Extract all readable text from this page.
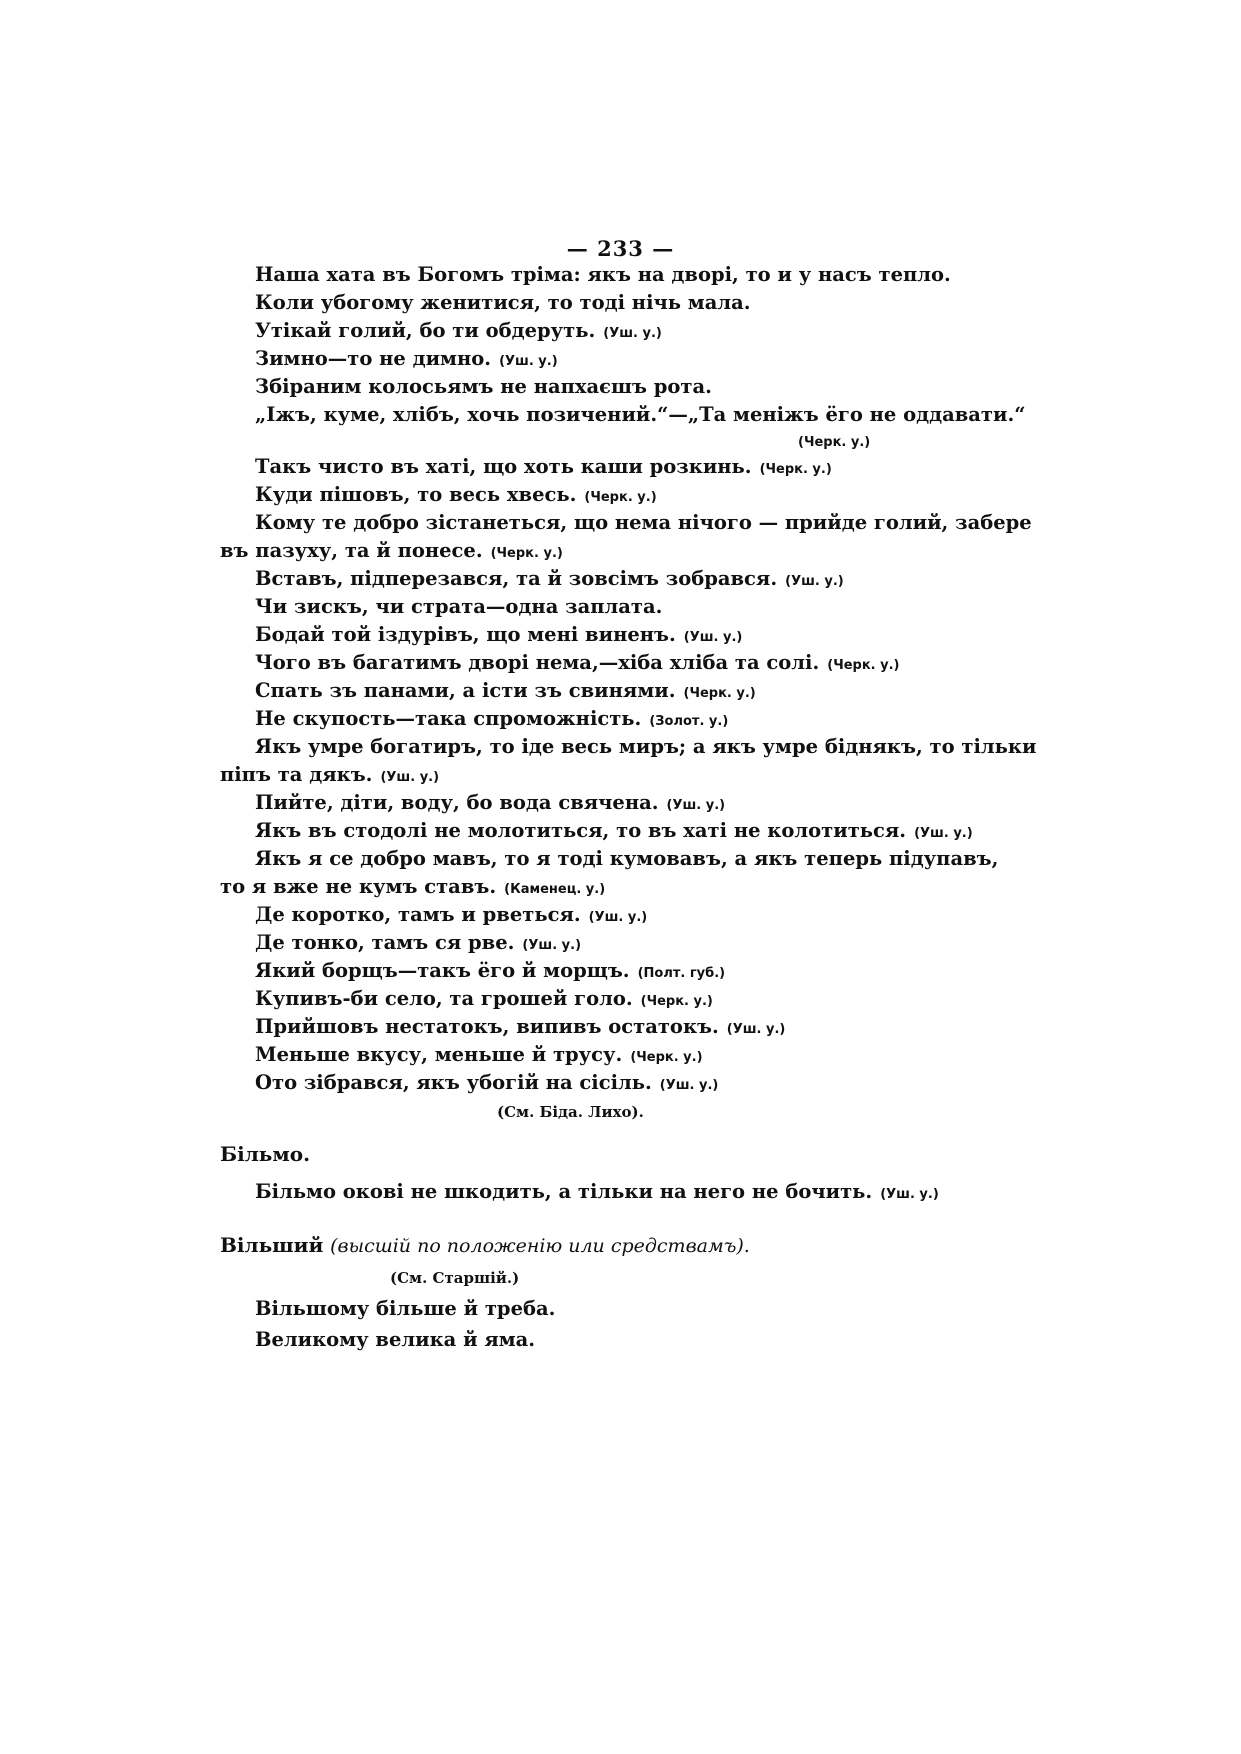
— 233 —
Наша хата въ Богомъ тріма: якъ на дворі, то и у насъ тепло.
Коли убогому женитися, то тоді нічь мала.
Утікай голий, бо ти обдеруть. (Уш. у.)
Зимно—то не димно. (Уш. у.)
Збіраним колосьямъ не напхаєшъ рота.
„Іжъ, куме, хлібъ, хочь позичений.“—„Та меніжъ ёго не оддавати.“
(Черк. у.)
Такъ чисто въ хаті, що хоть каши розкинь. (Черк. у.)
Куди пішовъ, то весь хвесь. (Черк. у.)
Кому те добро зістанеться, що нема нічого — прийде голий, забере
въ пазуху, та й понесе. (Черк. у.)
Вставъ, підперезався, та й зовсімъ зобрався. (Уш. у.)
Чи зискъ, чи страта—одна заплата.
Бодай той іздурівъ, що мені виненъ. (Уш. у.)
Чого въ багатимъ дворі нема,—хіба хліба та солі. (Черк. у.)
Спать зъ панами, а істи зъ свинями. (Черк. у.)
Не скупость—така спроможність. (Золот. у.)
Якъ умре богатиръ, то іде весь миръ; а якъ умре біднякъ, то тільки
піпъ та дякъ. (Уш. у.)
Пийте, діти, воду, бо вода свячена. (Уш. у.)
Якъ въ стодолі не молотиться, то въ хаті не колотиться. (Уш. у.)
Якъ я се добро мавъ, то я тоді кумовавъ, а якъ теперь підупавъ,
то я вже не кумъ ставъ. (Каменец. у.)
Де коротко, тамъ и рветься. (Уш. у.)
Де тонко, тамъ ся рве. (Уш. у.)
Який борщъ—такъ ёго й морщъ. (Полт. губ.)
Купивъ-би село, та грошей голо. (Черк. у.)
Прийшовъ нестатокъ, випивъ остатокъ. (Уш. у.)
Меньше вкусу, меньше й трусу. (Черк. у.)
Ото зібрався, якъ убогій на сісіль. (Уш. у.)
(См. Біда. Лихо).
Більмо.
Більмо окові не шкодить, а тільки на него не бочить. (Уш. у.)
Вільший (высшій по положенію или средствамъ).
(См. Старшій.)
Вільшому більше й треба.
Великому велика й яма.
